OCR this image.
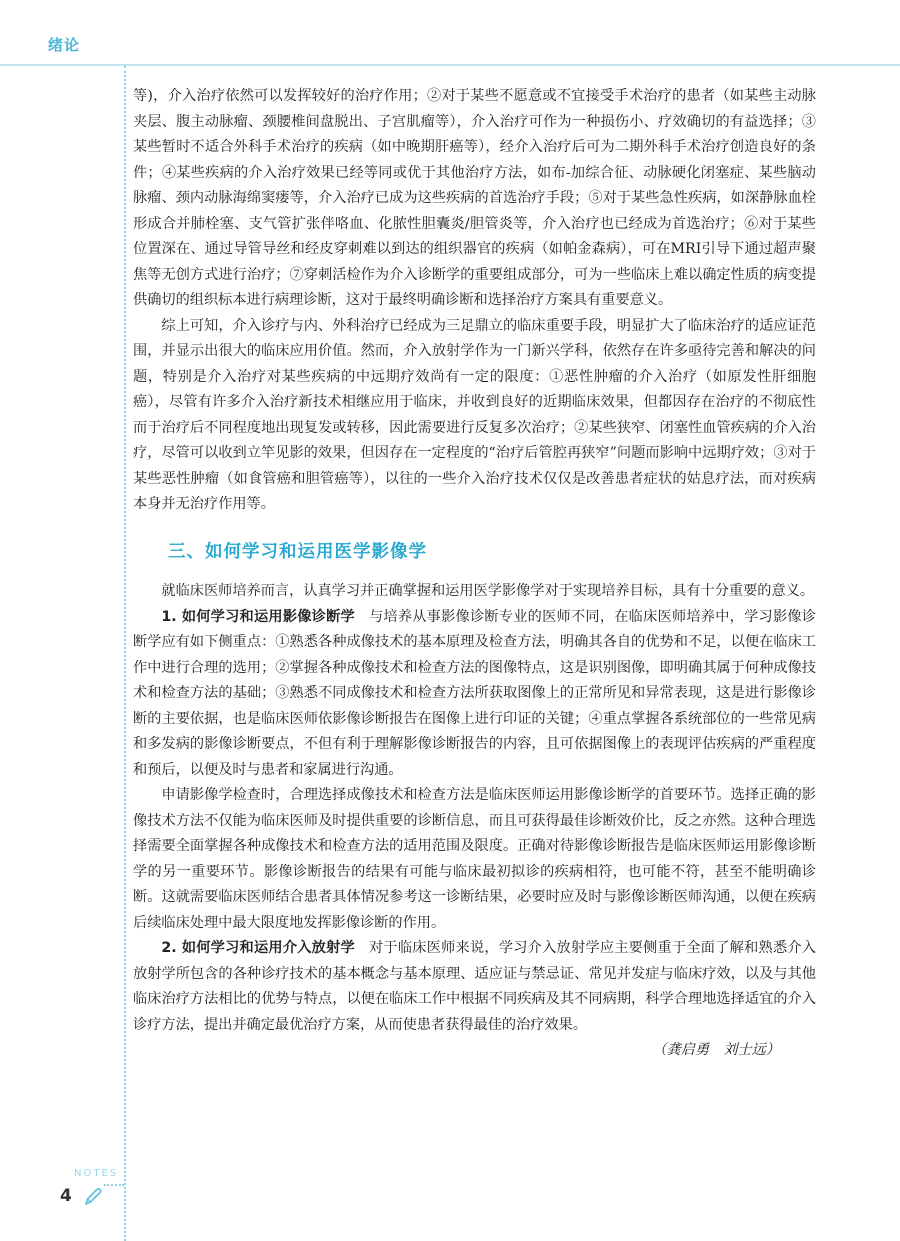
绪论

等)，介入治疗依然可以发挥较好的治疗作用；②对于某些不愿意或不宜接受手术治疗的患者（如某些主动脉夹层、腹主动脉瘤、颈腰椎间盘脱出、子宫肌瘤等），介入治疗可作为一种损伤小、疗效确切的有益选择；③某些暂时不适合外科手术治疗的疾病（如中晚期肝癌等），经介入治疗后可为二期外科手术治疗创造良好的条件；④某些疾病的介入治疗效果已经等同或优于其他治疗方法，如布-加综合征、动脉硬化闭塞症、某些脑动脉瘤、颈内动脉海绵窦瘘等，介入治疗已成为这些疾病的首选治疗手段；⑤对于某些急性疾病，如深静脉血栓形成合并肺栓塞、支气管扩张伴咯血、化脓性胆囊炎/胆管炎等，介入治疗也已经成为首选治疗；⑥对于某些位置深在、通过导管导丝和经皮穿刺难以到达的组织器官的疾病（如帕金森病），可在MRI引导下通过超声聚焦等无创方式进行治疗；⑦穿刺活检作为介入诊断学的重要组成部分，可为一些临床上难以确定性质的病变提供确切的组织标本进行病理诊断，这对于最终明确诊断和选择治疗方案具有重要意义。

综上可知，介入诊疗与内、外科治疗已经成为三足鼎立的临床重要手段，明显扩大了临床治疗的适应证范围，并显示出很大的临床应用价值。然而，介入放射学作为一门新兴学科，依然存在许多亟待完善和解决的问题，特别是介入治疗对某些疾病的中远期疗效尚有一定的限度：①恶性肿瘤的介入治疗（如原发性肝细胞癌），尽管有许多介入治疗新技术相继应用于临床，并收到良好的近期临床效果，但都因存在治疗的不彻底性而于治疗后不同程度地出现复发或转移，因此需要进行反复多次治疗；②某些狭窄、闭塞性血管疾病的介入治疗，尽管可以收到立竿见影的效果，但因存在一定程度的“治疗后管腔再狭窄”问题而影响中远期疗效；③对于某些恶性肿瘤（如食管癌和胆管癌等），以往的一些介入治疗技术仅仅是改善患者症状的姑息疗法，而对疾病本身并无治疗作用等。

三、如何学习和运用医学影像学

就临床医师培养而言，认真学习并正确掌握和运用医学影像学对于实现培养目标，具有十分重要的意义。

1. 如何学习和运用影像诊断学 与培养从事影像诊断专业的医师不同，在临床医师培养中，学习影像诊断学应有如下侧重点：①熟悉各种成像技术的基本原理及检查方法，明确其各自的优势和不足，以便在临床工作中进行合理的选用；②掌握各种成像技术和检查方法的图像特点，这是识别图像，即明确其属于何种成像技术和检查方法的基础；③熟悉不同成像技术和检查方法所获取图像上的正常所见和异常表现，这是进行影像诊断的主要依据，也是临床医师依影像诊断报告在图像上进行印证的关键；④重点掌握各系统部位的一些常见病和多发病的影像诊断要点，不但有利于理解影像诊断报告的内容，且可依据图像上的表现评估疾病的严重程度和预后，以便及时与患者和家属进行沟通。

申请影像学检查时，合理选择成像技术和检查方法是临床医师运用影像诊断学的首要环节。选择正确的影像技术方法不仅能为临床医师及时提供重要的诊断信息，而且可获得最佳诊断效价比，反之亦然。这种合理选择需要全面掌握各种成像技术和检查方法的适用范围及限度。正确对待影像诊断报告是临床医师运用影像诊断学的另一重要环节。影像诊断报告的结果有可能与临床最初拟诊的疾病相符，也可能不符，甚至不能明确诊断。这就需要临床医师结合患者具体情况参考这一诊断结果，必要时应及时与影像诊断医师沟通，以便在疾病后续临床处理中最大限度地发挥影像诊断的作用。

2. 如何学习和运用介入放射学 对于临床医师来说，学习介入放射学应主要侧重于全面了解和熟悉介入放射学所包含的各种诊疗技术的基本概念与基本原理、适应证与禁忌证、常见并发症与临床疗效，以及与其他临床治疗方法相比的优势与特点，以便在临床工作中根据不同疾病及其不同病期，科学合理地选择适宜的介入诊疗方法，提出并确定最优治疗方案，从而使患者获得最佳的治疗效果。

（龚启勇　刘士远）

NOTES
4
